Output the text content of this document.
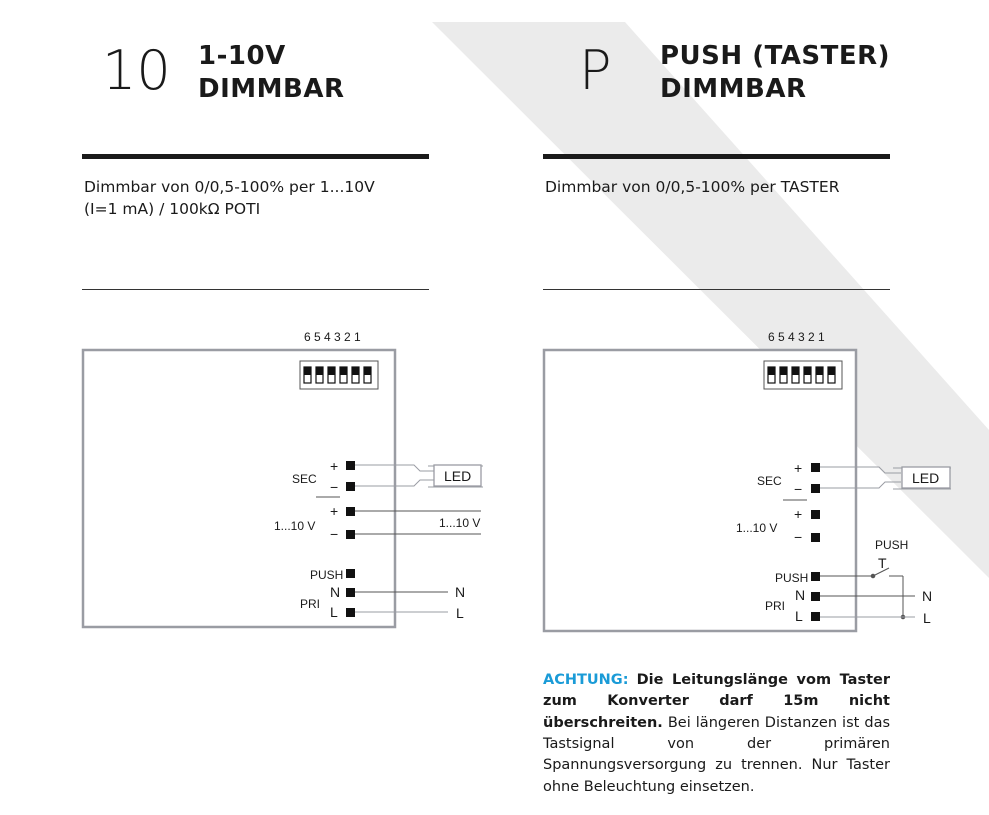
10 1-10V
DIMMBAR
Dimmbar von 0/0,5-100% per 1...10V
(I=1 mA) / 100kΩ POTI
6 5 4 3 2 1
SEC
+
−
LED
+
−
1...10 V	1...10 V
PUSH
PRI
N
L
N
L
P PUSH (TASTER)
DIMMBAR
Dimmbar von 0/0,5-100% per TASTER
6 5 4 3 2 1
SEC
+
−
LED
+
−
1...10 V
PUSH
T
PUSH
PRI
N
L
N
L
ACHTUNG: Die Leitungslänge vom Taster zum Konverter darf 15m nicht überschreiten. Bei längeren Distanzen ist das Tastsignal von der primären Spannungsversorgung zu trennen. Nur Taster ohne Beleuchtung einsetzen.
